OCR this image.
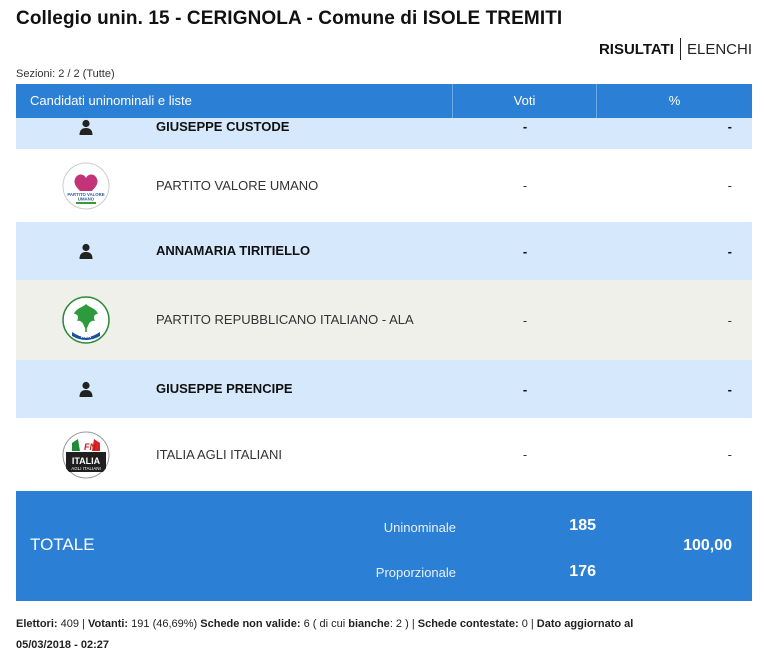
Collegio unin. 15 - CERIGNOLA - Comune di ISOLE TREMITI
RISULTATI ELENCHI
Sezioni: 2 / 2 (Tutte)
Candidati uninominali e liste	Voti	%
GIUSEPPE CUSTODE	-	-
PARTITO VALORE
UMANO
PARTITO VALORE UMANO	-	-
ANNAMARIA TIRITIELLO	-	-
ALA
PARTITO REPUBBLICANO ITALIANO - ALA	-	-
GIUSEPPE PRENCIPE	-	-
FN
ITALIA
AGLI ITALIANI
ITALIA AGLI ITALIANI	-	-
TOTALE
Uninominale	185
Proporzionale	176
100,00
Elettori: 409 | Votanti: 191 (46,69%) Schede non valide: 6 ( di cui bianche: 2 ) | Schede contestate: 0 | Dato aggiornato al
05/03/2018 - 02:27
